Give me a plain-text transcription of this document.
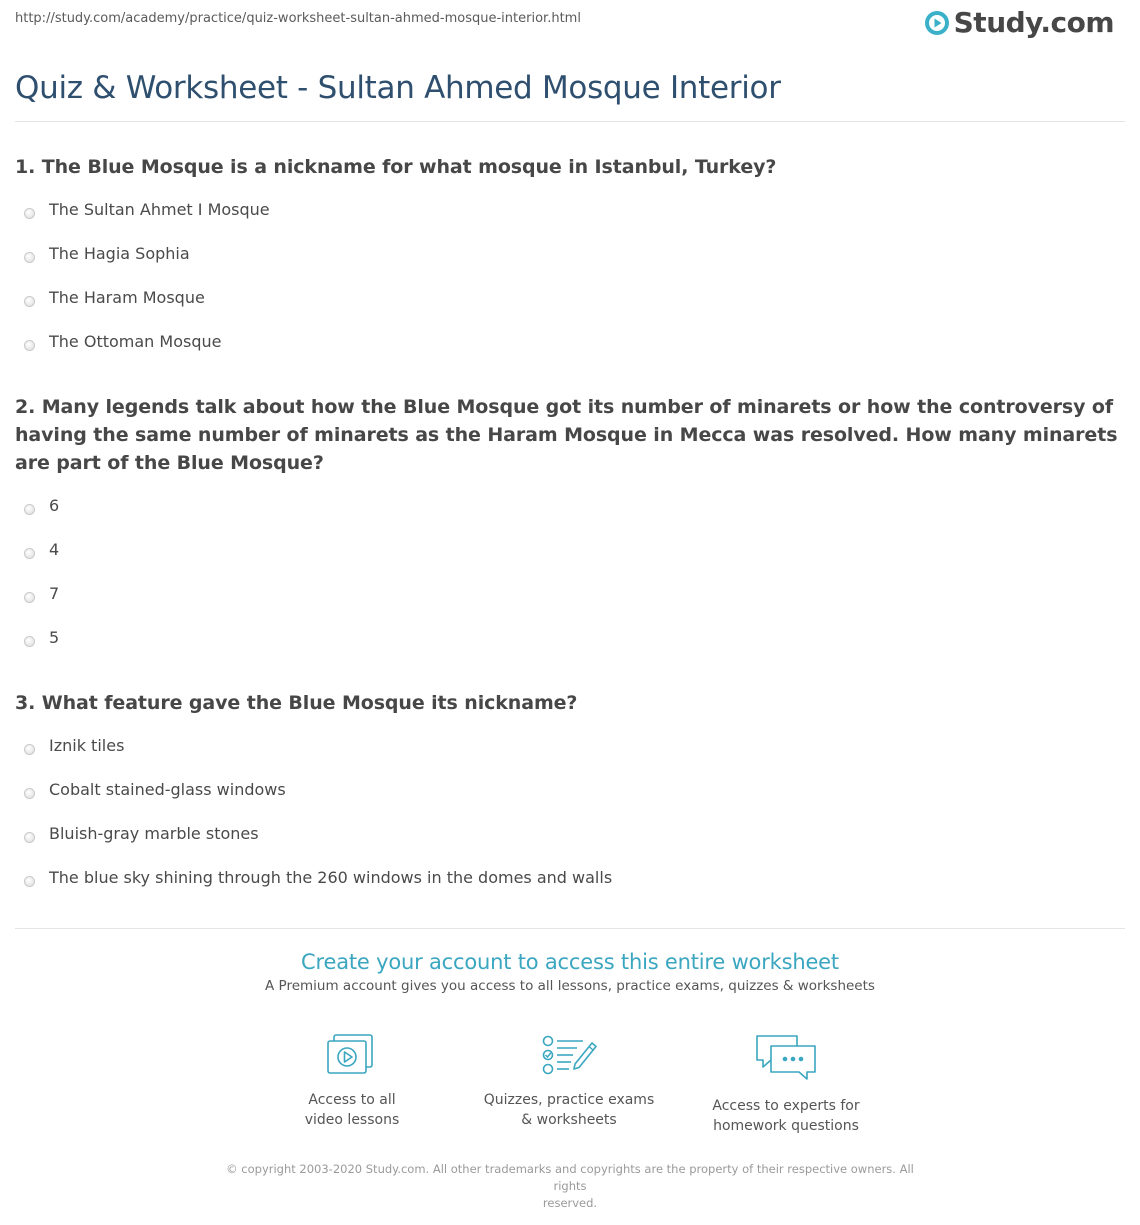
http://study.com/academy/practice/quiz-worksheet-sultan-ahmed-mosque-interior.html	Study.com
Quiz & Worksheet - Sultan Ahmed Mosque Interior

1. The Blue Mosque is a nickname for what mosque in Istanbul, Turkey?

The Sultan Ahmet I Mosque
The Hagia Sophia
The Haram Mosque
The Ottoman Mosque

2. Many legends talk about how the Blue Mosque got its number of minarets or how the controversy of having the same number of minarets as the Haram Mosque in Mecca was resolved. How many minarets are part of the Blue Mosque?

6
4
7
5

3. What feature gave the Blue Mosque its nickname?

Iznik tiles
Cobalt stained-glass windows
Bluish-gray marble stones
The blue sky shining through the 260 windows in the domes and walls
Create your account to access this entire worksheet
A Premium account gives you access to all lessons, practice exams, quizzes & worksheets
Access to all
video lessons
Quizzes, practice exams
& worksheets
Access to experts for
homework questions
© copyright 2003-2020 Study.com. All other trademarks and copyrights are the property of their respective owners. All rights
reserved.
